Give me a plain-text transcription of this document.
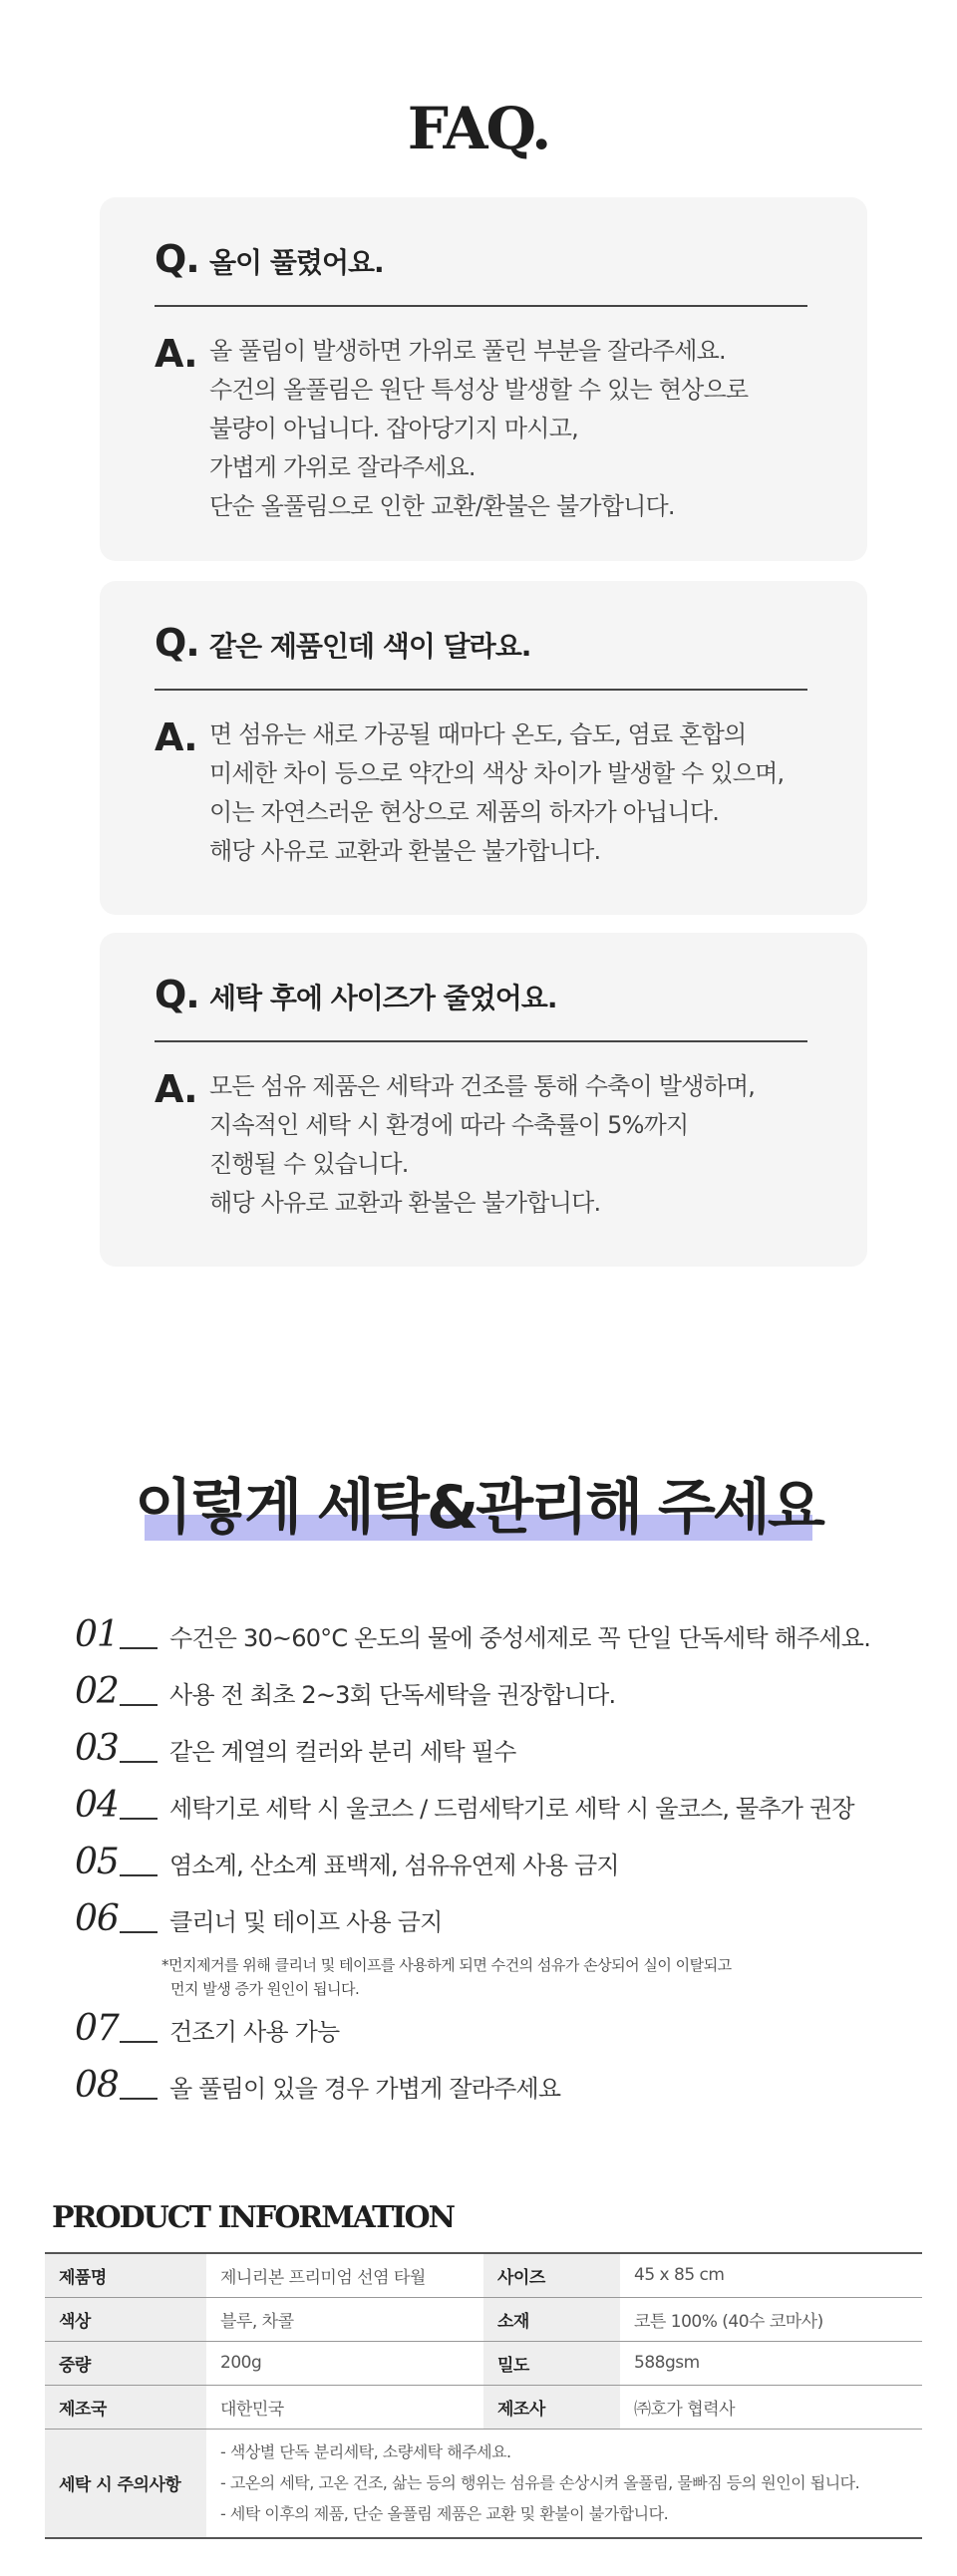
FAQ.
Q. 올이 풀렸어요.
A. 올 풀림이 발생하면 가위로 풀린 부분을 잘라주세요.
수건의 올풀림은 원단 특성상 발생할 수 있는 현상으로
불량이 아닙니다. 잡아당기지 마시고,
가볍게 가위로 잘라주세요.
단순 올풀림으로 인한 교환/환불은 불가합니다.
Q. 같은 제품인데 색이 달라요.
A. 면 섬유는 새로 가공될 때마다 온도, 습도, 염료 혼합의
미세한 차이 등으로 약간의 색상 차이가 발생할 수 있으며,
이는 자연스러운 현상으로 제품의 하자가 아닙니다.
해당 사유로 교환과 환불은 불가합니다.
Q. 세탁 후에 사이즈가 줄었어요.
A. 모든 섬유 제품은 세탁과 건조를 통해 수축이 발생하며,
지속적인 세탁 시 환경에 따라 수축률이 5%까지
진행될 수 있습니다.
해당 사유로 교환과 환불은 불가합니다.
이렇게 세탁&관리해 주세요
01 수건은 30~60°C 온도의 물에 중성세제로 꼭 단일 단독세탁 해주세요.
02 사용 전 최초 2~3회 단독세탁을 권장합니다.
03 같은 계열의 컬러와 분리 세탁 필수
04 세탁기로 세탁 시 울코스 / 드럼세탁기로 세탁 시 울코스, 물추가 권장
05 염소계, 산소계 표백제, 섬유유연제 사용 금지
06 클리너 및 테이프 사용 금지
*먼지제거를 위해 클리너 및 테이프를 사용하게 되면 수건의 섬유가 손상되어 실이 이탈되고
먼지 발생 증가 원인이 됩니다.
07 건조기 사용 가능
08 올 풀림이 있을 경우 가볍게 잘라주세요
PRODUCT INFORMATION
제품명	제니리본 프리미엄 선염 타월	사이즈	45 x 85 cm
색상	블루, 차콜	소재	코튼 100% (40수 코마사)
중량	200g	밀도	588gsm
제조국	대한민국	제조사	㈜호가 협력사
세탁 시 주의사항	- 색상별 단독 분리세탁, 소량세탁 해주세요.
- 고온의 세탁, 고온 건조, 삶는 등의 행위는 섬유를 손상시켜 올풀림, 물빠짐 등의 원인이 됩니다.
- 세탁 이후의 제품, 단순 올풀림 제품은 교환 및 환불이 불가합니다.		
